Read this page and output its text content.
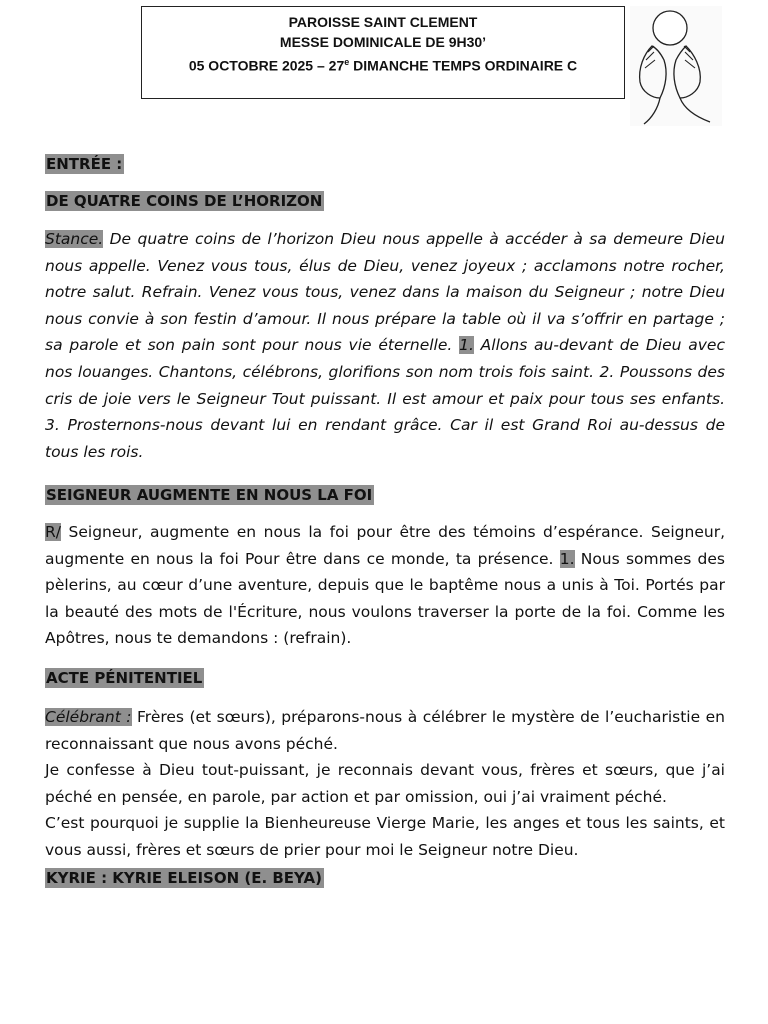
PAROISSE SAINT CLEMENT
MESSE DOMINICALE DE 9H30’
05 OCTOBRE 2025 – 27e DIMANCHE TEMPS ORDINAIRE C
ENTRÉE :
DE QUATRE COINS DE L’HORIZON

Stance. De quatre coins de l’horizon Dieu nous appelle à accéder à sa demeure Dieu nous appelle. Venez vous tous, élus de Dieu, venez joyeux ; acclamons notre rocher, notre salut. Refrain. Venez vous tous, venez dans la maison du Seigneur ; notre Dieu nous convie à son festin d’amour. Il nous prépare la table où il va s’offrir en partage ; sa parole et son pain sont pour nous vie éternelle. 1. Allons au-devant de Dieu avec nos louanges. Chantons, célébrons, glorifions son nom trois fois saint. 2. Poussons des cris de joie vers le Seigneur Tout puissant. Il est amour et paix pour tous ses enfants. 3. Prosternons-nous devant lui en rendant grâce. Car il est Grand Roi au-dessus de tous les rois.

SEIGNEUR AUGMENTE EN NOUS LA FOI

R/ Seigneur, augmente en nous la foi pour être des témoins d’espérance. Seigneur, augmente en nous la foi Pour être dans ce monde, ta présence. 1. Nous sommes des pèlerins, au cœur d’une aventure, depuis que le baptême nous a unis à Toi. Portés par la beauté des mots de l'Écriture, nous voulons traverser la porte de la foi. Comme les Apôtres, nous te demandons : (refrain).

ACTE PÉNITENTIEL

Célébrant : Frères (et sœurs), préparons-nous à célébrer le mystère de l’eucharistie en reconnaissant que nous avons péché.

Je confesse à Dieu tout-puissant, je reconnais devant vous, frères et sœurs, que j’ai péché en pensée, en parole, par action et par omission, oui j’ai vraiment péché.

C’est pourquoi je supplie la Bienheureuse Vierge Marie, les anges et tous les saints, et vous aussi, frères et sœurs de prier pour moi le Seigneur notre Dieu.

KYRIE : KYRIE ELEISON (E. BEYA)
